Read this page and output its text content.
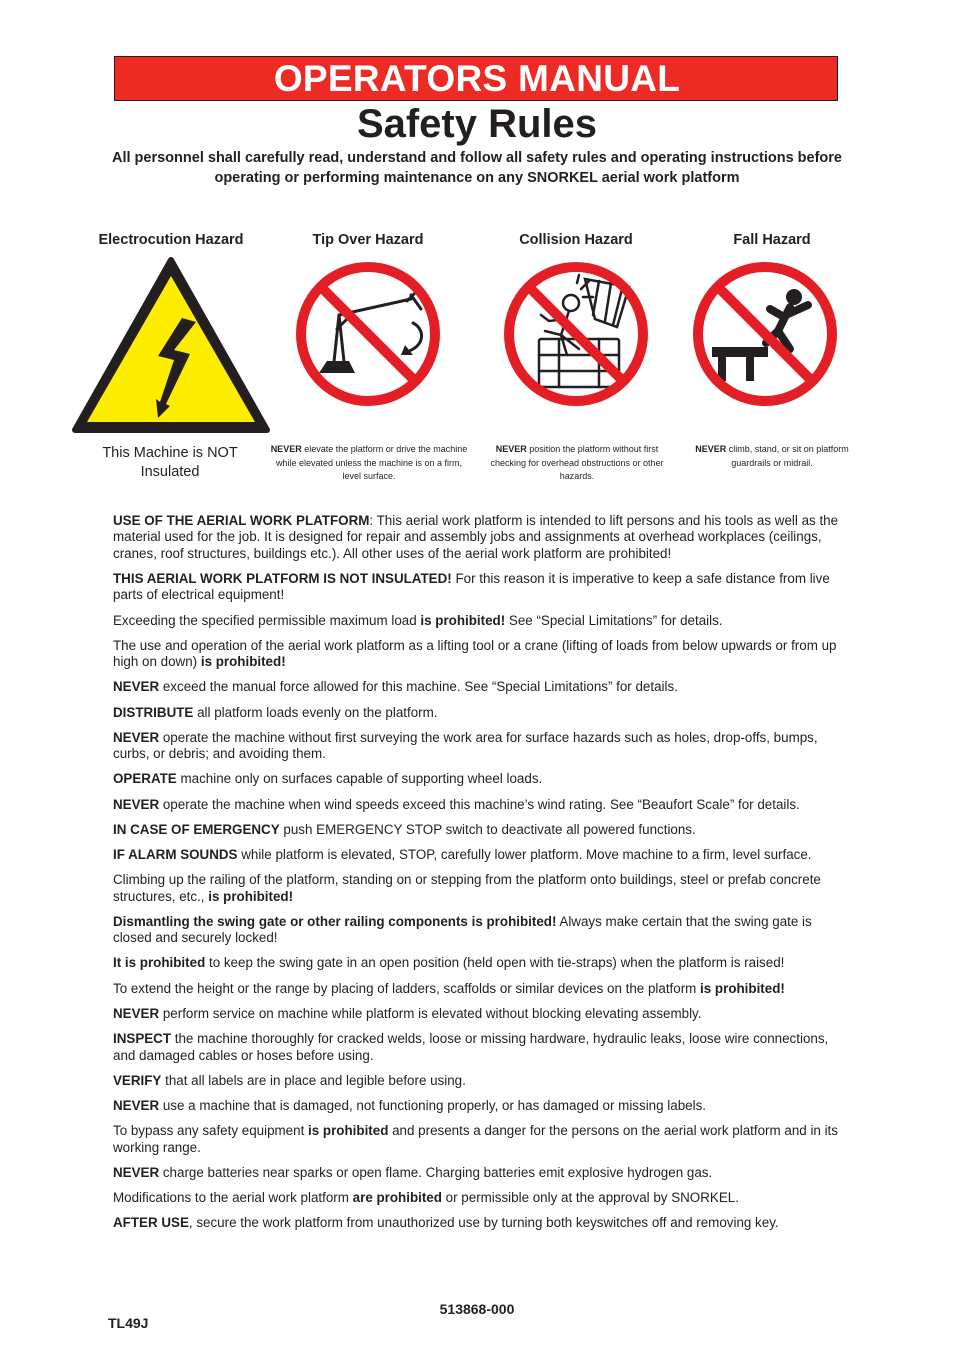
OPERATORS MANUAL
Safety Rules
All personnel shall carefully read, understand and follow all safety rules and operating instructions before operating or performing maintenance on any SNORKEL aerial work platform
Electrocution Hazard
This Machine is NOT Insulated
Tip Over Hazard
NEVER elevate the platform or drive the machine while elevated unless the machine is on a firm, level surface.
Collision Hazard
NEVER position the platform without first checking for overhead obstructions or other hazards.
Fall Hazard
NEVER climb, stand, or sit on platform guardrails or midrail.

USE OF THE AERIAL WORK PLATFORM: This aerial work platform is intended to lift persons and his tools as well as the material used for the job. It is designed for repair and assembly jobs and assignments at overhead workplaces (ceilings, cranes, roof structures, buildings etc.). All other uses of the aerial work platform are prohibited!

THIS AERIAL WORK PLATFORM IS NOT INSULATED! For this reason it is imperative to keep a safe distance from live parts of electrical equipment!

Exceeding the specified permissible maximum load is prohibited! See “Special Limitations” for details.

The use and operation of the aerial work platform as a lifting tool or a crane (lifting of loads from below upwards or from up high on down) is prohibited!

NEVER exceed the manual force allowed for this machine. See “Special Limitations” for details.

DISTRIBUTE all platform loads evenly on the platform.

NEVER operate the machine without first surveying the work area for surface hazards such as holes, drop-offs, bumps, curbs, or debris; and avoiding them.

OPERATE machine only on surfaces capable of supporting wheel loads.

NEVER operate the machine when wind speeds exceed this machine’s wind rating. See “Beaufort Scale” for details.

IN CASE OF EMERGENCY push EMERGENCY STOP switch to deactivate all powered functions.

IF ALARM SOUNDS while platform is elevated, STOP, carefully lower platform. Move machine to a firm, level surface.

Climbing up the railing of the platform, standing on or stepping from the platform onto buildings, steel or prefab concrete structures, etc., is prohibited!

Dismantling the swing gate or other railing components is prohibited! Always make certain that the swing gate is closed and securely locked!

It is prohibited to keep the swing gate in an open position (held open with tie-straps) when the platform is raised!

To extend the height or the range by placing of ladders, scaffolds or similar devices on the platform is prohibited!

NEVER perform service on machine while platform is elevated without blocking elevating assembly.

INSPECT the machine thoroughly for cracked welds, loose or missing hardware, hydraulic leaks, loose wire connections, and damaged cables or hoses before using.

VERIFY that all labels are in place and legible before using.

NEVER use a machine that is damaged, not functioning properly, or has damaged or missing labels.

To bypass any safety equipment is prohibited and presents a danger for the persons on the aerial work platform and in its working range.

NEVER charge batteries near sparks or open flame. Charging batteries emit explosive hydrogen gas.

Modifications to the aerial work platform are prohibited or permissible only at the approval by SNORKEL.

AFTER USE, secure the work platform from unauthorized use by turning both keyswitches off and removing key.

513868-000
TL49J
